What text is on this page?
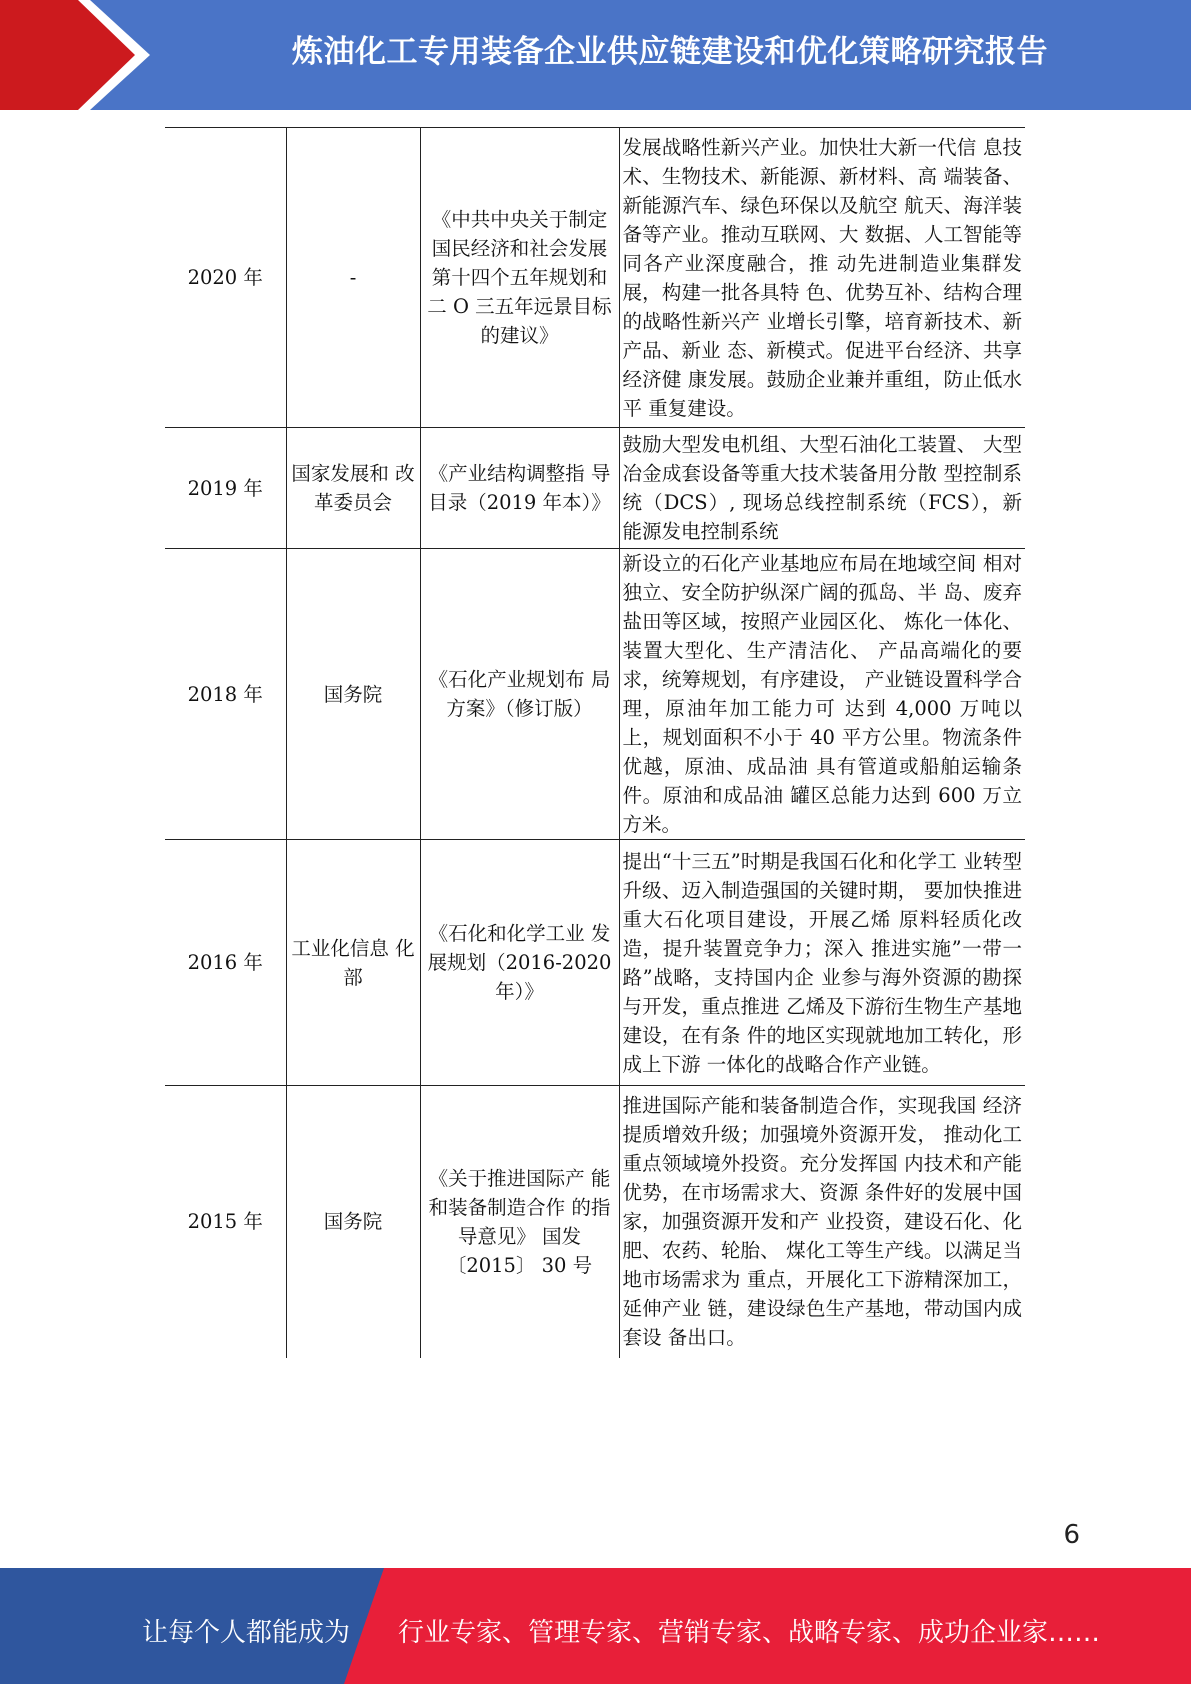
炼油化工专用装备企业供应链建设和优化策略研究报告
2020 年	-	《中共中央关于制定国民经济和社会发展第十四个五年规划和二 O 三五年远景目标的建议》	发展战略性新兴产业。加快壮大新一代信 息技术、生物技术、新能源、新材料、高 端装备、新能源汽车、绿色环保以及航空 航天、海洋装备等产业。推动互联网、大 数据、人工智能等同各产业深度融合，推 动先进制造业集群发展，构建一批各具特 色、优势互补、结构合理的战略性新兴产 业增长引擎，培育新技术、新产品、新业 态、新模式。促进平台经济、共享经济健 康发展。鼓励企业兼并重组，防止低水平 重复建设。
2019 年	国家发展和 改革委员会	《产业结构调整指 导目录（2019 年本）》	鼓励大型发电机组、大型石油化工装置、 大型冶金成套设备等重大技术装备用分散 型控制系统（DCS）, 现场总线控制系统（FCS），新能源发电控制系统
2018 年	国务院	《石化产业规划布 局方案》（修订版）	新设立的石化产业基地应布局在地域空间 相对独立、安全防护纵深广阔的孤岛、半 岛、废弃盐田等区域，按照产业园区化、 炼化一体化、装置大型化、生产清洁化、 产品高端化的要求，统筹规划，有序建设， 产业链设置科学合理，原油年加工能力可 达到 4,000 万吨以上，规划面积不小于 40 平方公里。物流条件优越，原油、成品油 具有管道或船舶运输条件。原油和成品油 罐区总能力达到 600 万立方米。
2016 年	工业化信息 化部	《石化和化学工业 发展规划（2016-2020 年）》	提出“十三五”时期是我国石化和化学工 业转型升级、迈入制造强国的关键时期， 要加快推进重大石化项目建设，开展乙烯 原料轻质化改造，提升装置竞争力；深入 推进实施”一带一路”战略，支持国内企 业参与海外资源的勘探与开发，重点推进 乙烯及下游衍生物生产基地建设，在有条 件的地区实现就地加工转化，形成上下游 一体化的战略合作产业链。
2015 年	国务院	《关于推进国际产 能和装备制造合作 的指导意见》 国发〔2015〕 30 号	推进国际产能和装备制造合作，实现我国 经济提质增效升级；加强境外资源开发， 推动化工重点领域境外投资。充分发挥国 内技术和产能优势，在市场需求大、资源 条件好的发展中国家，加强资源开发和产 业投资，建设石化、化肥、农药、轮胎、 煤化工等生产线。以满足当地市场需求为 重点，开展化工下游精深加工，延伸产业 链，建设绿色生产基地，带动国内成套设 备出口。
6
让每个人都能成为 行业专家、管理专家、营销专家、战略专家、成功企业家……
